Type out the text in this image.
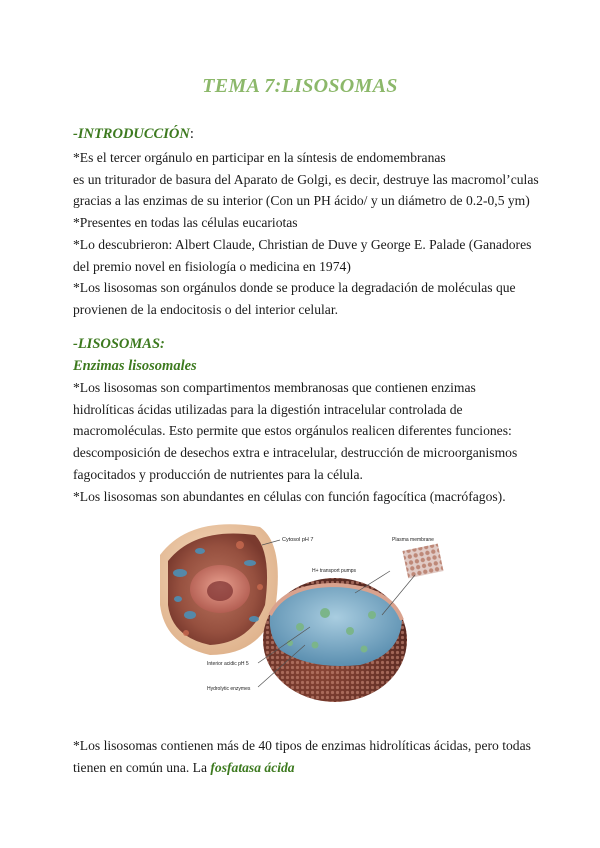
TEMA 7:LISOSOMAS
-INTRODUCCIÓN:
*Es el tercer orgánulo en participar en la síntesis de endomembranas
es un triturador de basura del Aparato de Golgi, es decir, destruye las macromol’culas
gracias a las enzimas de su interior (Con un PH ácido/ y un diámetro de 0.2-0,5 ym)
*Presentes en todas las células eucariotas
*Lo descubrieron: Albert Claude, Christian de Duve y George E. Palade (Ganadores
del premio novel en fisiología o medicina en 1974)
*Los lisosomas son orgánulos donde se produce la degradación de moléculas que
provienen de la endocitosis o del interior celular.
-LISOSOMAS:
Enzimas lisosomales
*Los lisosomas son compartimentos membranosas que contienen enzimas
hidrolíticas ácidas utilizadas para la digestión intracelular controlada de
macromoléculas. Esto permite que estos orgánulos realicen diferentes funciones:
descomposición de desechos extra e intracelular, destrucción de microorganismos
fagocitados y producción de nutrientes para la célula.
*Los lisosomas son abundantes en células con función fagocítica (macrófagos).
Cytosol pH 7	Plasma membrane
H+ transport pumps
Interior acidic pH 5
Hydrolytic enzymes
*Los lisosomas contienen más de 40 tipos de enzimas hidrolíticas ácidas, pero todas
tienen en común una. La fosfatasa ácida
